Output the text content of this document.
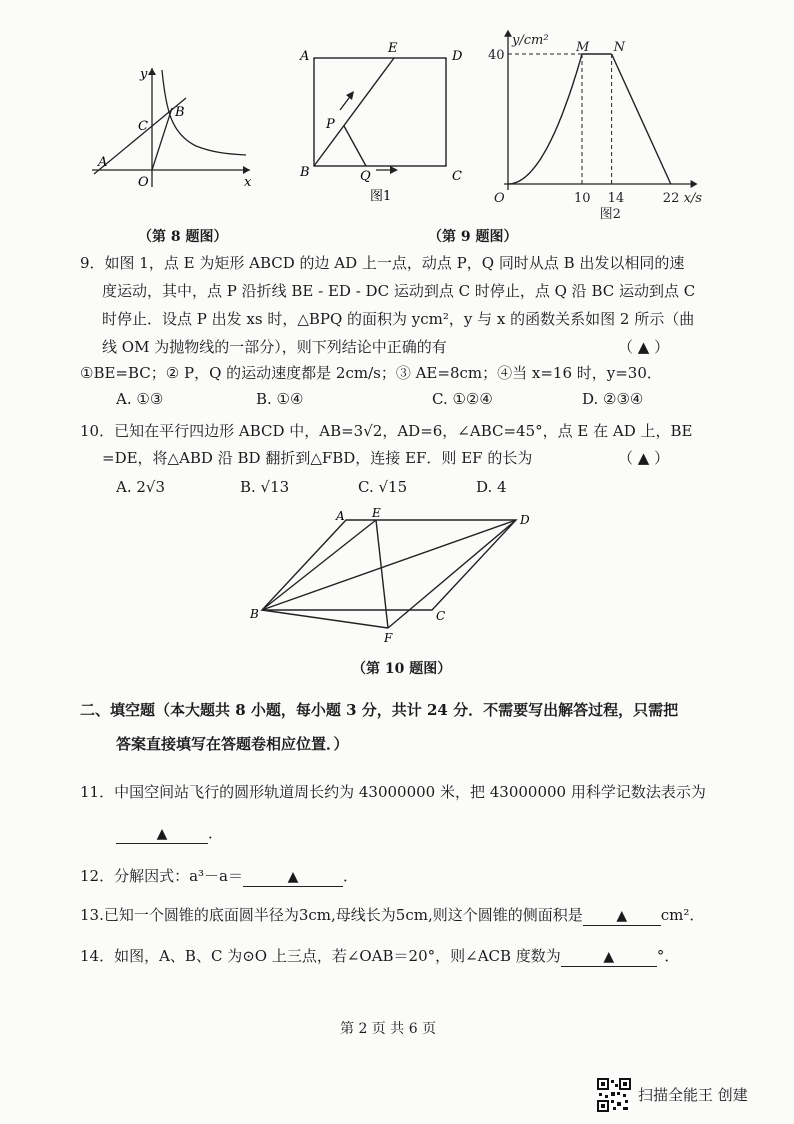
y
x
O
A
B
C
（第 8 题图）
A
E
D
B	C
P
Q
图1
40
10 14	22
O
M N
y/cm²
x/s
图2
（第 9 题图）
9．如图 1，点 E 为矩形 ABCD 的边 AD 上一点，动点 P，Q 同时从点 B 出发以相同的速
度运动，其中，点 P 沿折线 BE - ED - DC 运动到点 C 时停止，点 Q 沿 BC 运动到点 C
时停止．设点 P 出发 xs 时，△BPQ 的面积为 ycm²，y 与 x 的函数关系如图 2 所示（曲
线 OM 为抛物线的一部分），则下列结论中正确的有	（ ▲ ）
①BE=BC；② P，Q 的运动速度都是 2cm/s；③ AE=8cm；④当 x=16 时，y=30．
A. ①③	B. ①④	C. ①②④	D. ②③④
10．已知在平行四边形 ABCD 中，AB=3√2，AD=6，∠ABC=45°，点 E 在 AD 上，BE
=DE，将△ABD 沿 BD 翻折到△FBD，连接 EF．则 EF 的长为	（ ▲ ）
A. 2√3	B. √13	C. √15	D. 4
A E	D
B	C
F
（第 10 题图）
二、填空题（本大题共 8 小题，每小题 3 分，共计 24 分．不需要写出解答过程，只需把
答案直接填写在答题卷相应位置．）
11．中国空间站飞行的圆形轨道周长约为 43000000 米，把 43000000 用科学记数法表示为
▲	．
12．分解因式：a³－a＝	▲	．
13.已知一个圆锥的底面圆半径为3cm,母线长为5cm,则这个圆锥的侧面积是 ▲ cm²．
14．如图，A、B、C 为⊙O 上三点，若∠OAB＝20°，则∠ACB 度数为	▲	°．
第 2 页 共 6 页
扫描全能王 创建
